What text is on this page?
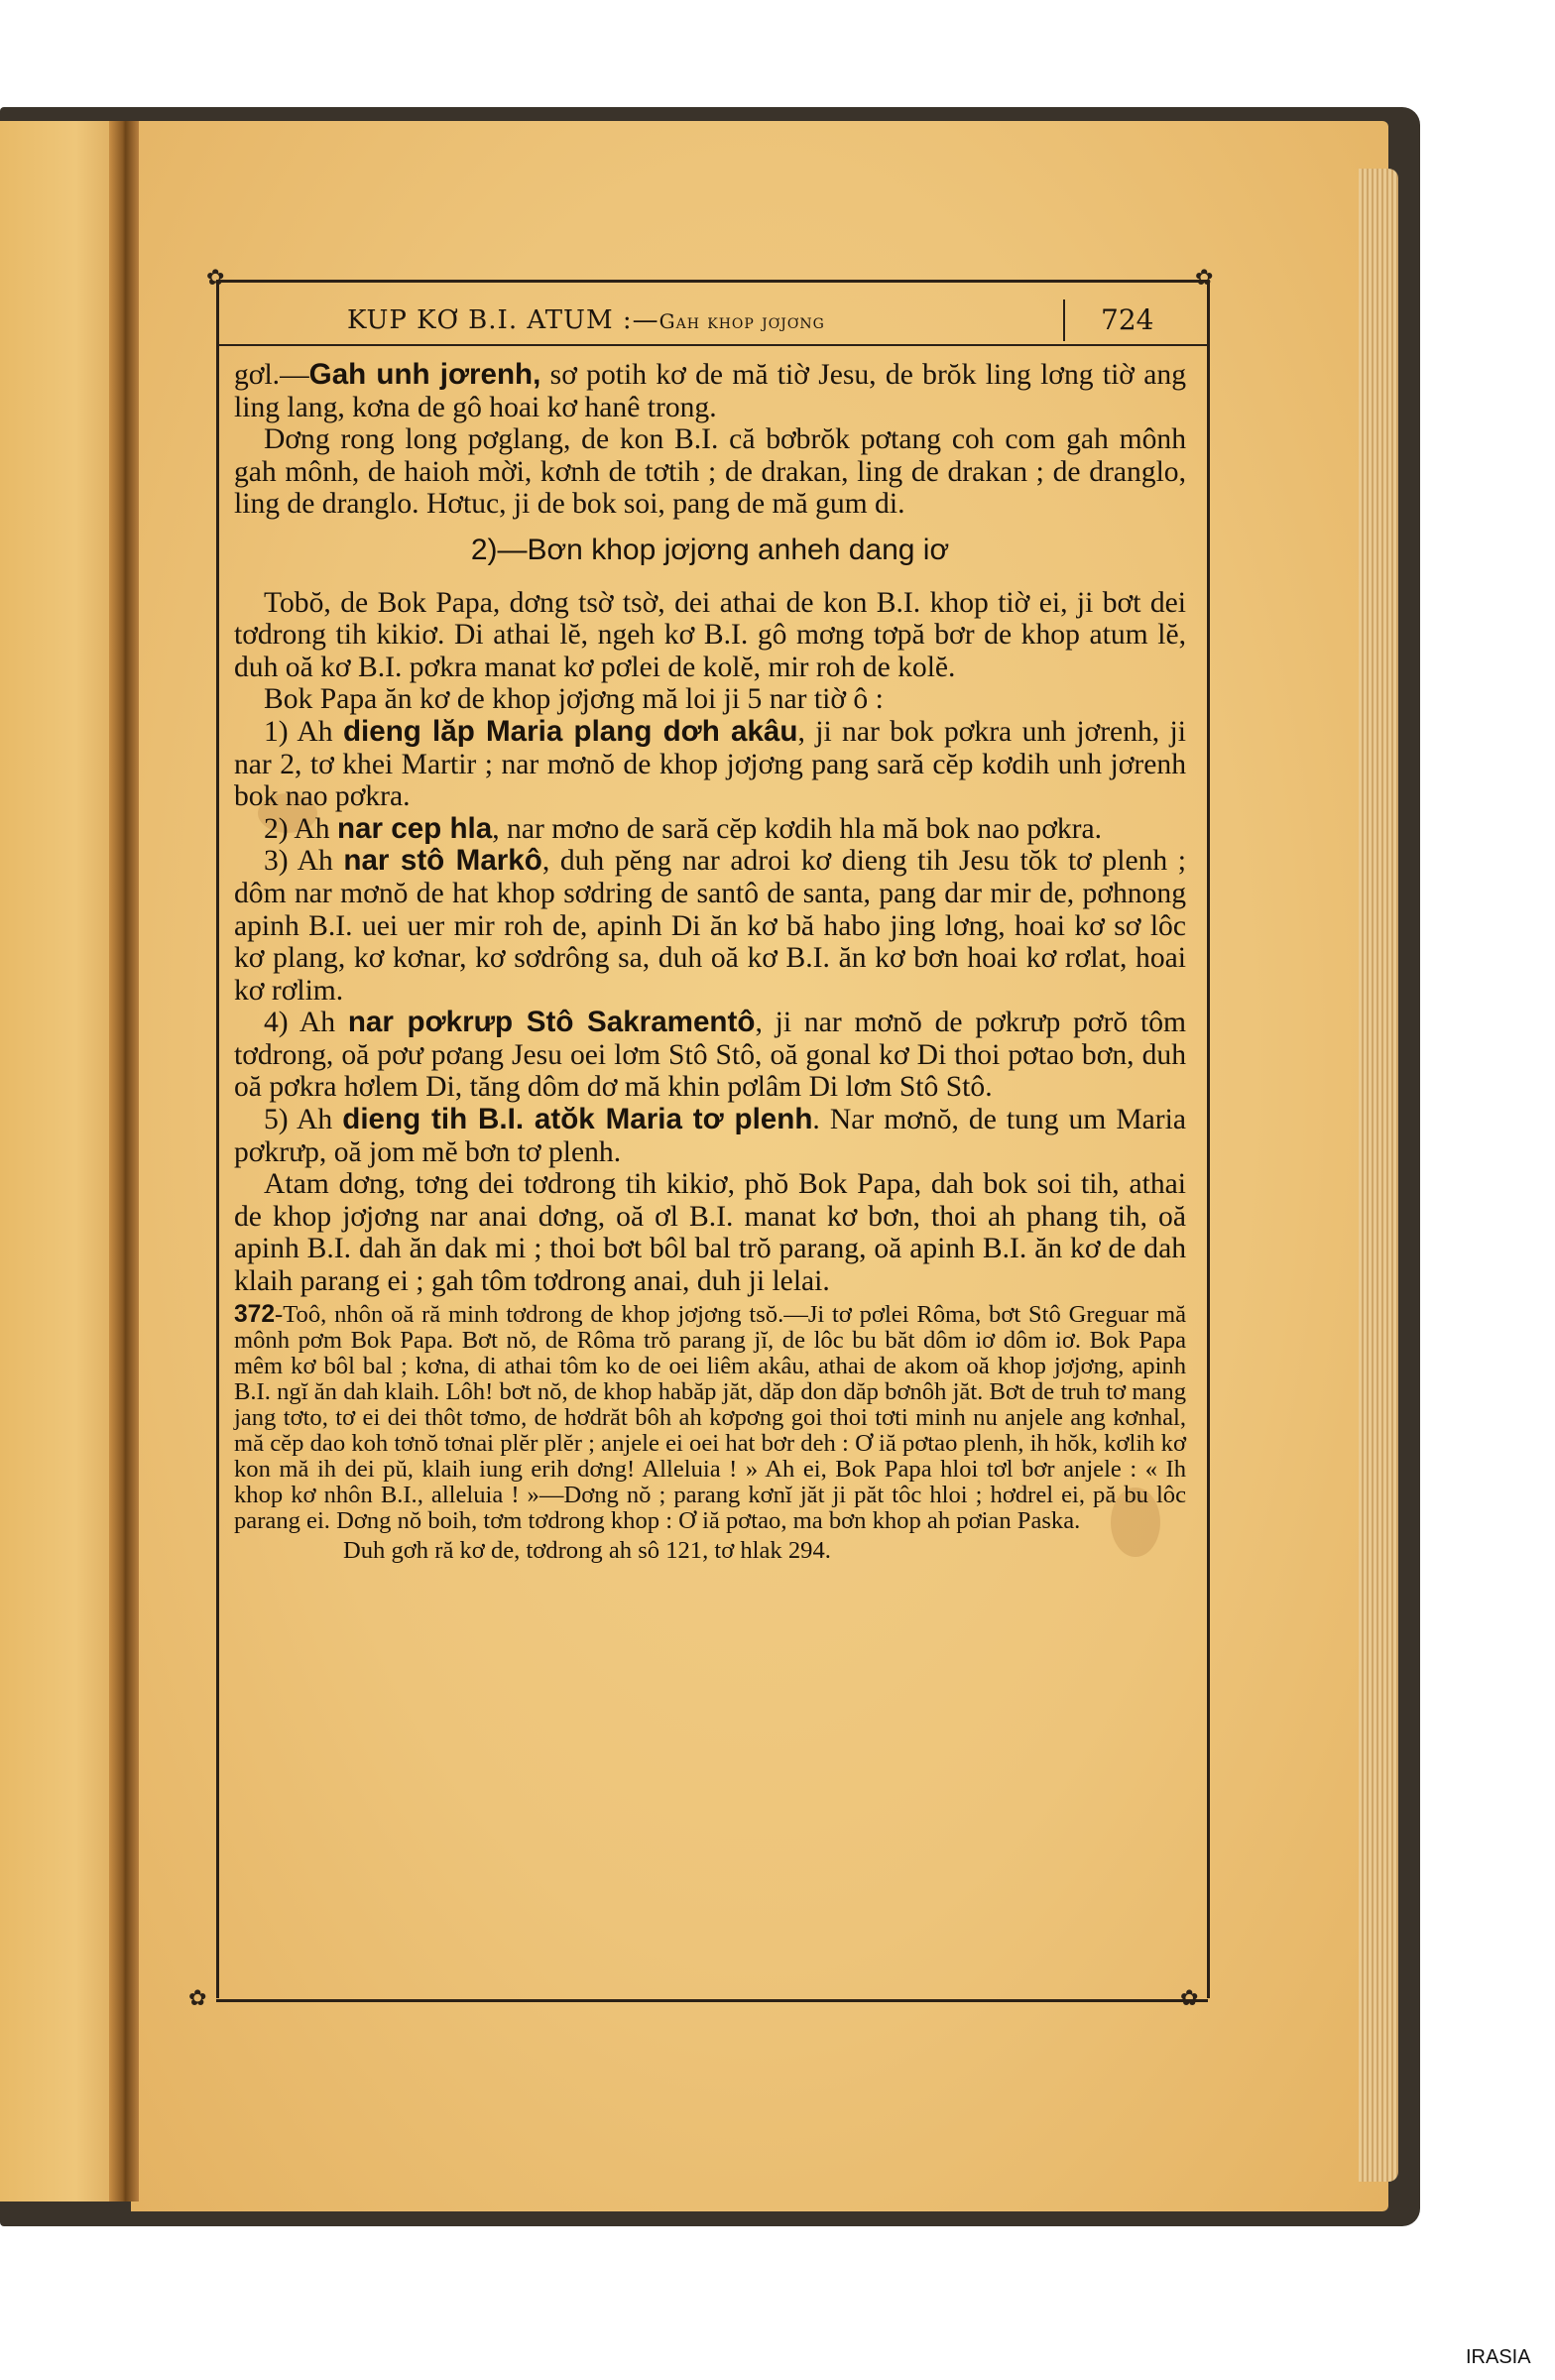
✿	✿
✿	✿
KUP KƠ B.I. ATUM :—Gah khop jơjơng	724

gơl.—Gah unh jơrenh, sơ potih kơ de mă tiờ Jesu, de brŏk ling lơng tiờ ang ling lang, kơna de gô hoai kơ hanê trong.

Dơng rong long pơglang, de kon B.I. că bơbrŏk pơtang coh com gah mônh gah mônh, de haioh mời, kơnh de tơtih ; de drakan, ling de drakan ; de dranglo, ling de dranglo. Hơtuc, ji de bok soi, pang de mă gum di.

2)—Bơn khop jơjơng anheh dang iơ

Tobŏ, de Bok Papa, dơng tsờ tsờ, dei athai de kon B.I. khop tiờ ei, ji bơt dei tơdrong tih kikiơ. Di athai lĕ, ngeh kơ B.I. gô mơng tơpă bơr de khop atum lĕ, duh oă kơ B.I. pơkra manat kơ pơlei de kolĕ, mir roh de kolĕ.

Bok Papa ăn kơ de khop jơjơng mă loi ji 5 nar tiờ ô :

1) Ah dieng lăp Maria plang dơh akâu, ji nar bok pơkra unh jơrenh, ji nar 2, tơ khei Martir ; nar mơnŏ de khop jơjơng pang sară cĕp kơdih unh jơrenh bok nao pơkra.

2) Ah nar cep hla, nar mơno de sară cĕp kơdih hla mă bok nao pơkra.

3) Ah nar stô Markô, duh pĕng nar adroi kơ dieng tih Jesu tŏk tơ plenh ; dôm nar mơnŏ de hat khop sơdring de santô de santa, pang dar mir de, pơhnong apinh B.I. uei uer mir roh de, apinh Di ăn kơ bă habo jing lơng, hoai kơ sơ lôc kơ plang, kơ kơnar, kơ sơdrông sa, duh oă kơ B.I. ăn kơ bơn hoai kơ rơlat, hoai kơ rơlim.

4) Ah nar pơkrưp Stô Sakramentô, ji nar mơnŏ de pơkrưp pơrŏ tôm tơdrong, oă pơư pơang Jesu oei lơm Stô Stô, oă gonal kơ Di thoi pơtao bơn, duh oă pơkra hơlem Di, tăng dôm dơ mă khin pơlâm Di lơm Stô Stô.

5) Ah dieng tih B.I. atŏk Maria tơ plenh. Nar mơnŏ, de tung um Maria pơkrưp, oă jom mĕ bơn tơ plenh.

Atam dơng, tơng dei tơdrong tih kikiơ, phŏ Bok Papa, dah bok soi tih, athai de khop jơjơng nar anai dơng, oă ơl B.I. manat kơ bơn, thoi ah phang tih, oă apinh B.I. dah ăn dak mi ; thoi bơt bôl bal trŏ parang, oă apinh B.I. ăn kơ de dah klaih parang ei ; gah tôm tơdrong anai, duh ji lelai.

372-Toô, nhôn oă ră minh tơdrong de khop jơjơng tsŏ.—Ji tơ pơlei Rôma, bơt Stô Greguar mă mônh pơm Bok Papa. Bơt nŏ, de Rôma trŏ parang jĭ, de lôc bu băt dôm iơ dôm iơ. Bok Papa mêm kơ bôl bal ; kơna, di athai tôm ko de oei liêm akâu, athai de akom oă khop jơjơng, apinh B.I. ngĭ ăn dah klaih. Lôh! bơt nŏ, de khop habăp jăt, dăp don dăp bơnôh jăt. Bơt de truh tơ mang jang tơto, tơ ei dei thôt tơmo, de hơdrăt bôh ah kơpơng goi thoi tơti minh nu anjele ang kơnhal, mă cĕp dao koh tơnŏ tơnai plĕr plĕr ; anjele ei oei hat bơr deh : Ơ iă pơtao plenh, ih hŏk, kơlih kơ kon mă ih dei pŭ, klaih iung erih dơng! Alleluia ! » Ah ei, Bok Papa hloi tơl bơr anjele : « Ih khop kơ nhôn B.I., alleluia ! »—Dơng nŏ ; parang kơnĭ jăt ji păt tôc hloi ; hơdrel ei, pă bu lôc parang ei. Dơng nŏ boih, tơm tơdrong khop : Ơ iă pơtao, ma bơn khop ah pơian Paska.

Duh gơh ră kơ de, tơdrong ah sô 121, tơ hlak 294.

IRASIA
